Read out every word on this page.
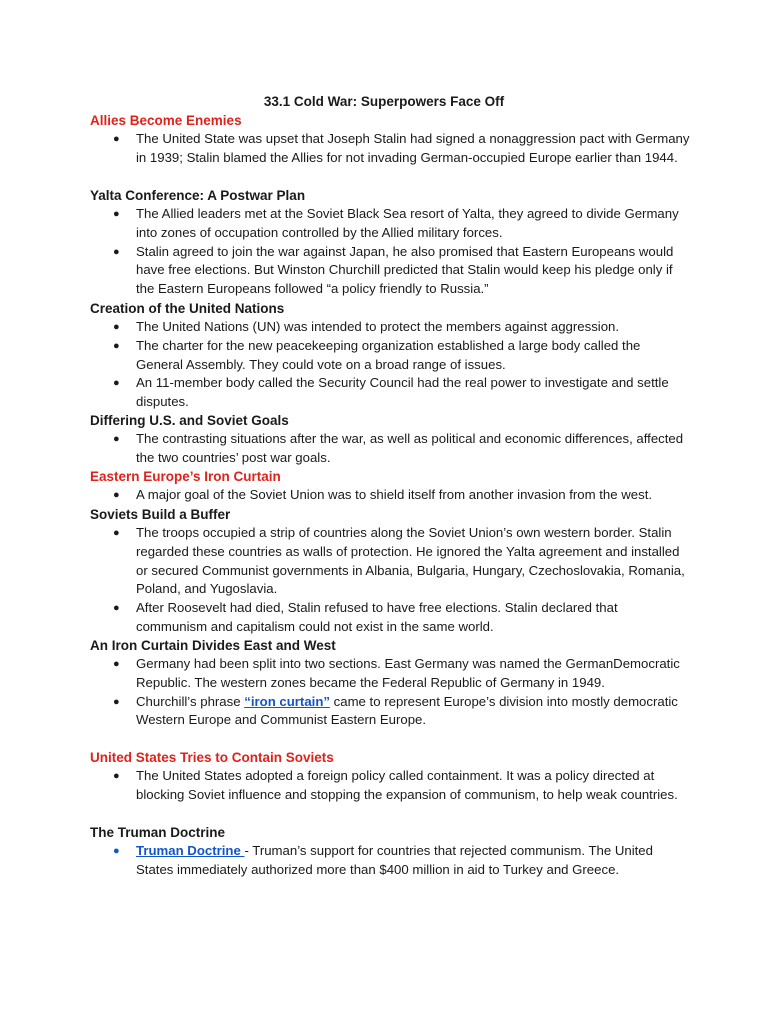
33.1 Cold War: Superpowers Face Off
Allies Become Enemies
● The United State was upset that Joseph Stalin had signed a nonaggression pact with Germany in 1939; Stalin blamed the Allies for not invading German-occupied Europe earlier than 1944.
Yalta Conference: A Postwar Plan
● The Allied leaders met at the Soviet Black Sea resort of Yalta, they agreed to divide Germany into zones of occupation controlled by the Allied military forces.
● Stalin agreed to join the war against Japan, he also promised that Eastern Europeans would have free elections. But Winston Churchill predicted that Stalin would keep his pledge only if the Eastern Europeans followed “a policy friendly to Russia.”
Creation of the United Nations
● The United Nations (UN) was intended to protect the members against aggression.
● The charter for the new peacekeeping organization established a large body called the General Assembly. They could vote on a broad range of issues.
● An 11-member body called the Security Council had the real power to investigate and settle disputes.
Differing U.S. and Soviet Goals
● The contrasting situations after the war, as well as political and economic differences, affected the two countries’ post war goals.
Eastern Europe’s Iron Curtain
● A major goal of the Soviet Union was to shield itself from another invasion from the west.
Soviets Build a Buffer
● The troops occupied a strip of countries along the Soviet Union’s own western border. Stalin regarded these countries as walls of protection. He ignored the Yalta agreement and installed or secured Communist governments in Albania, Bulgaria, Hungary, Czechoslovakia, Romania, Poland, and Yugoslavia.
● After Roosevelt had died, Stalin refused to have free elections. Stalin declared that communism and capitalism could not exist in the same world.
An Iron Curtain Divides East and West
● Germany had been split into two sections. East Germany was named the GermanDemocratic Republic. The western zones became the Federal Republic of Germany in 1949.
● Churchill’s phrase “iron curtain” came to represent Europe’s division into mostly democratic Western Europe and Communist Eastern Europe.
United States Tries to Contain Soviets
● The United States adopted a foreign policy called containment. It was a policy directed at blocking Soviet influence and stopping the expansion of communism, to help weak countries.
The Truman Doctrine
● Truman Doctrine - Truman’s support for countries that rejected communism. The United States immediately authorized more than $400 million in aid to Turkey and Greece.
